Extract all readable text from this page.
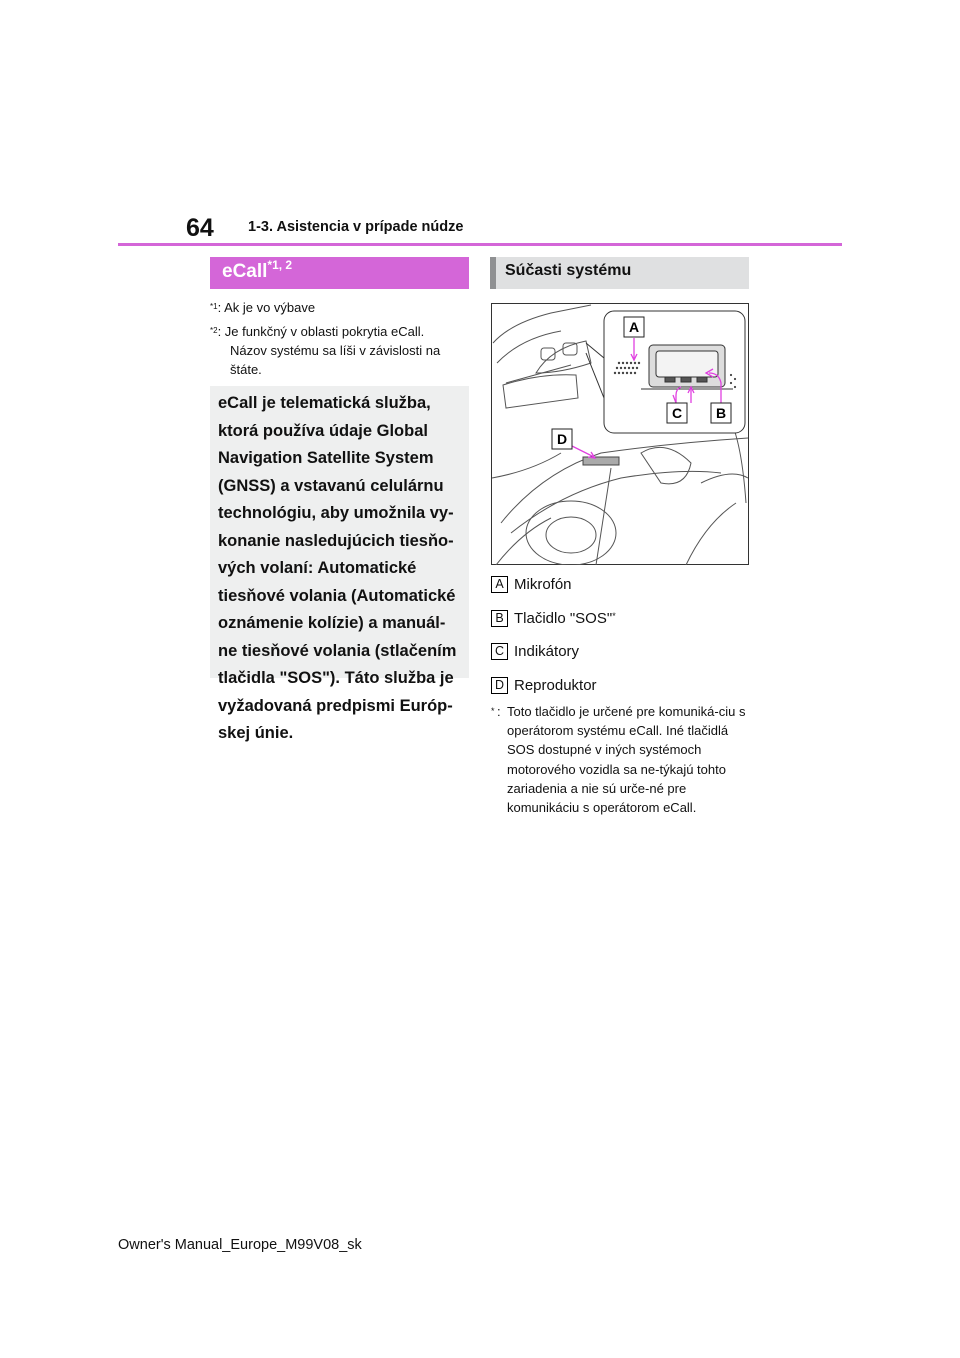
64 1-3. Asistencia v prípade núdze
eCall$^{*1, 2}$
$^{*1}$: Ak je vo výbave
$^{*2}$: Je funkčný v oblasti pokrytia eCall.
Názov systému sa líši v závislosti na štáte.

eCall je telematická služba, ktorá používa údaje Global Navigation Satellite System (GNSS) a vstavanú celulárnu technológiu, aby umožnila vy-konanie nasledujúcich tiesňo-vých volaní: Automatické tiesňové volania (Automatické oznámenie kolízie) a manuál-ne tiesňové volania (stlačením tlačidla "SOS"). Táto služba je vyžadovaná predpismi Európ-skej únie.

Súčasti systému
A
C B
D
A Mikrofón
B Tlačidlo "SOS"*
C Indikátory
D Reproduktor
* : Toto tlačidlo je určené pre komuniká-ciu s operátorom systému eCall. Iné tlačidlá SOS dostupné v iných systémoch motorového vozidla sa ne-týkajú tohto zariadenia a nie sú urče-né pre komunikáciu s operátorom eCall.
Owner's Manual_Europe_M99V08_sk
